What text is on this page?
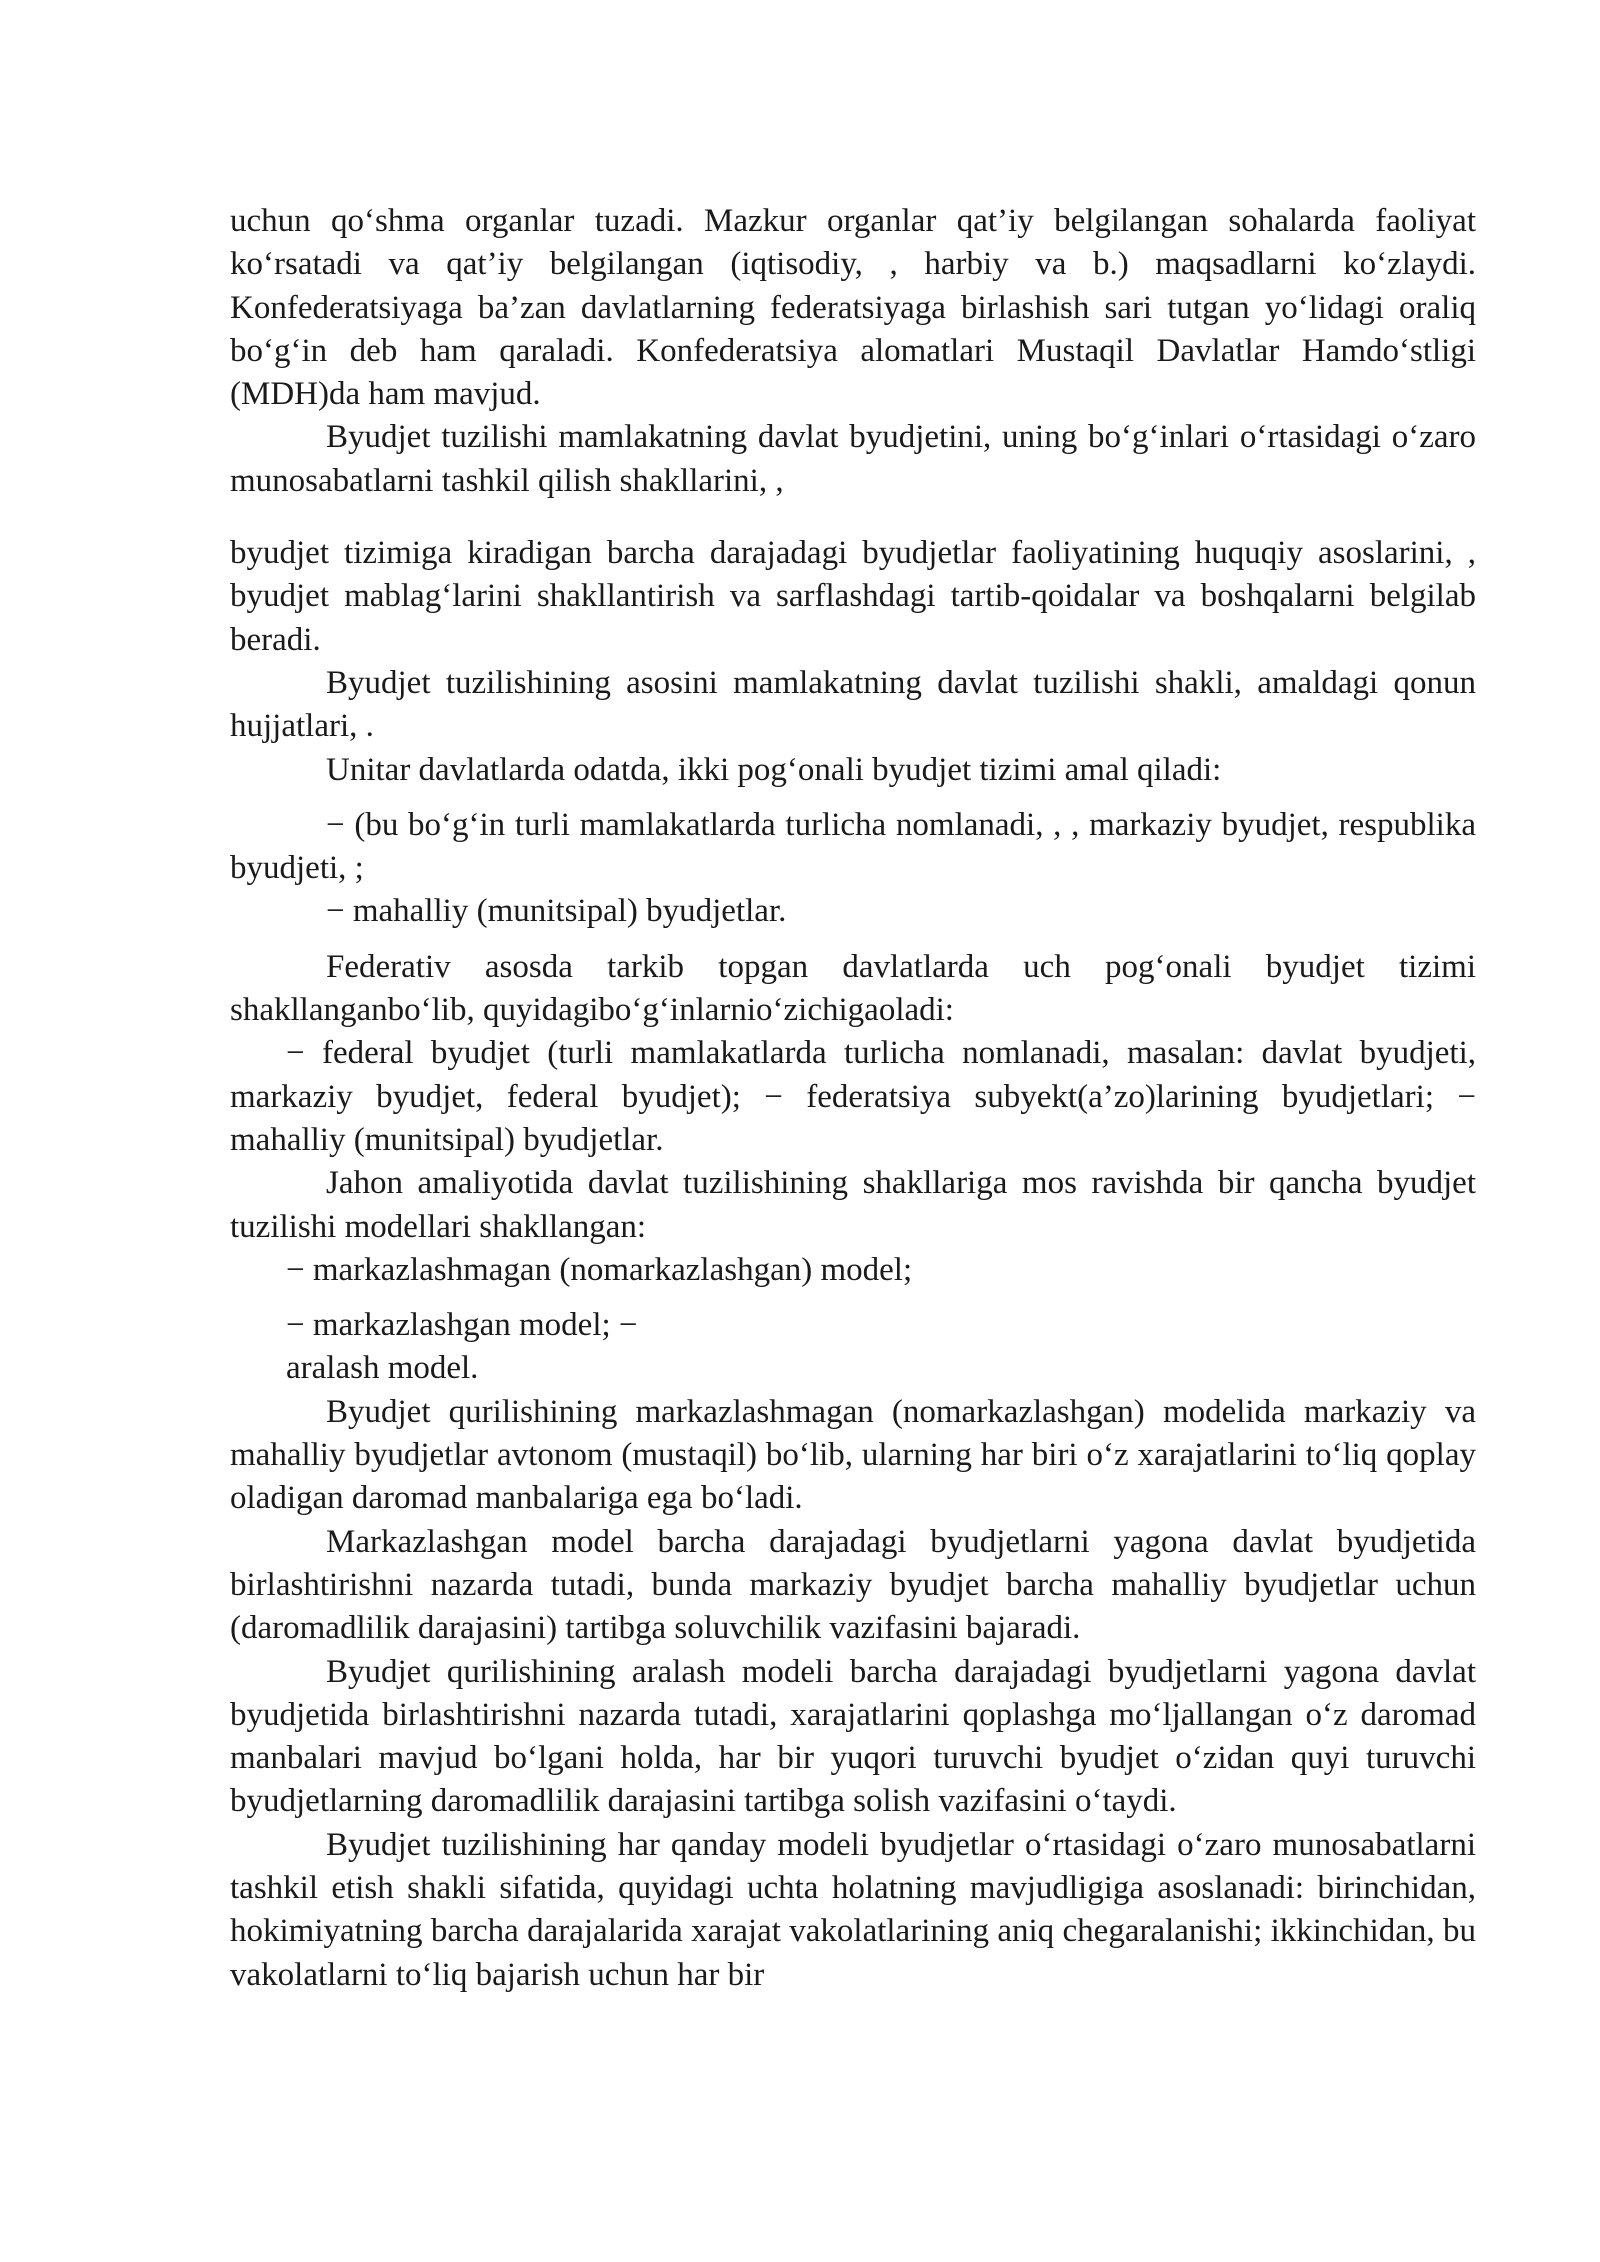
uchun qo‘shma organlar tuzadi. Mazkur organlar qat’iy belgilangan sohalarda faoliyat ko‘rsatadi va qat’iy belgilangan (iqtisodiy, , harbiy va b.) maqsadlarni ko‘zlaydi. Konfederatsiyaga ba’zan davlatlarning federatsiyaga birlashish sari tutgan yo‘lidagi oraliq bo‘g‘in deb ham qaraladi. Konfederatsiya alomatlari Mustaqil Davlatlar Hamdo‘stligi (MDH)da ham mavjud.

Byudjet tuzilishi mamlakatning davlat byudjetini, uning bo‘g‘inlari o‘rtasidagi o‘zaro munosabatlarni tashkil qilish shakllarini, ,

byudjet tizimiga kiradigan barcha darajadagi byudjetlar faoliyatining huquqiy asoslarini, , byudjet mablag‘larini shakllantirish va sarflashdagi tartib-qoidalar va boshqalarni belgilab beradi.

Byudjet tuzilishining asosini mamlakatning davlat tuzilishi shakli, amaldagi qonun hujjatlari, .

Unitar davlatlarda odatda, ikki pog‘onali byudjet tizimi amal qiladi:

− (bu bo‘g‘in turli mamlakatlarda turlicha nomlanadi, , , markaziy byudjet, respublika byudjeti, ;

− mahalliy (munitsipal) byudjetlar.

Federativ asosda tarkib topgan davlatlarda uch pog‘onali byudjet tizimi shakllanganbo‘lib, quyidagibo‘g‘inlarnio‘zichigaoladi:

− federal byudjet (turli mamlakatlarda turlicha nomlanadi, masalan: davlat byudjeti, markaziy byudjet, federal byudjet); − federatsiya subyekt(a’zo)larining byudjetlari; − mahalliy (munitsipal) byudjetlar.

Jahon amaliyotida davlat tuzilishining shakllariga mos ravishda bir qancha byudjet tuzilishi modellari shakllangan:

− markazlashmagan (nomarkazlashgan) model;

− markazlashgan model; −

aralash model.

Byudjet qurilishining markazlashmagan (nomarkazlashgan) modelida markaziy va mahalliy byudjetlar avtonom (mustaqil) bo‘lib, ularning har biri o‘z xarajatlarini to‘liq qoplay oladigan daromad manbalariga ega bo‘ladi.

Markazlashgan model barcha darajadagi byudjetlarni yagona davlat byudjetida birlashtirishni nazarda tutadi, bunda markaziy byudjet barcha mahalliy byudjetlar uchun (daromadlilik darajasini) tartibga soluvchilik vazifasini bajaradi.

Byudjet qurilishining aralash modeli barcha darajadagi byudjetlarni yagona davlat byudjetida birlashtirishni nazarda tutadi, xarajatlarini qoplashga mo‘ljallangan o‘z daromad manbalari mavjud bo‘lgani holda, har bir yuqori turuvchi byudjet o‘zidan quyi turuvchi byudjetlarning daromadlilik darajasini tartibga solish vazifasini o‘taydi.

Byudjet tuzilishining har qanday modeli byudjetlar o‘rtasidagi o‘zaro munosabatlarni tashkil etish shakli sifatida, quyidagi uchta holatning mavjudligiga asoslanadi: birinchidan, hokimiyatning barcha darajalarida xarajat vakolatlarining aniq chegaralanishi; ikkinchidan, bu vakolatlarni to‘liq bajarish uchun har bir
